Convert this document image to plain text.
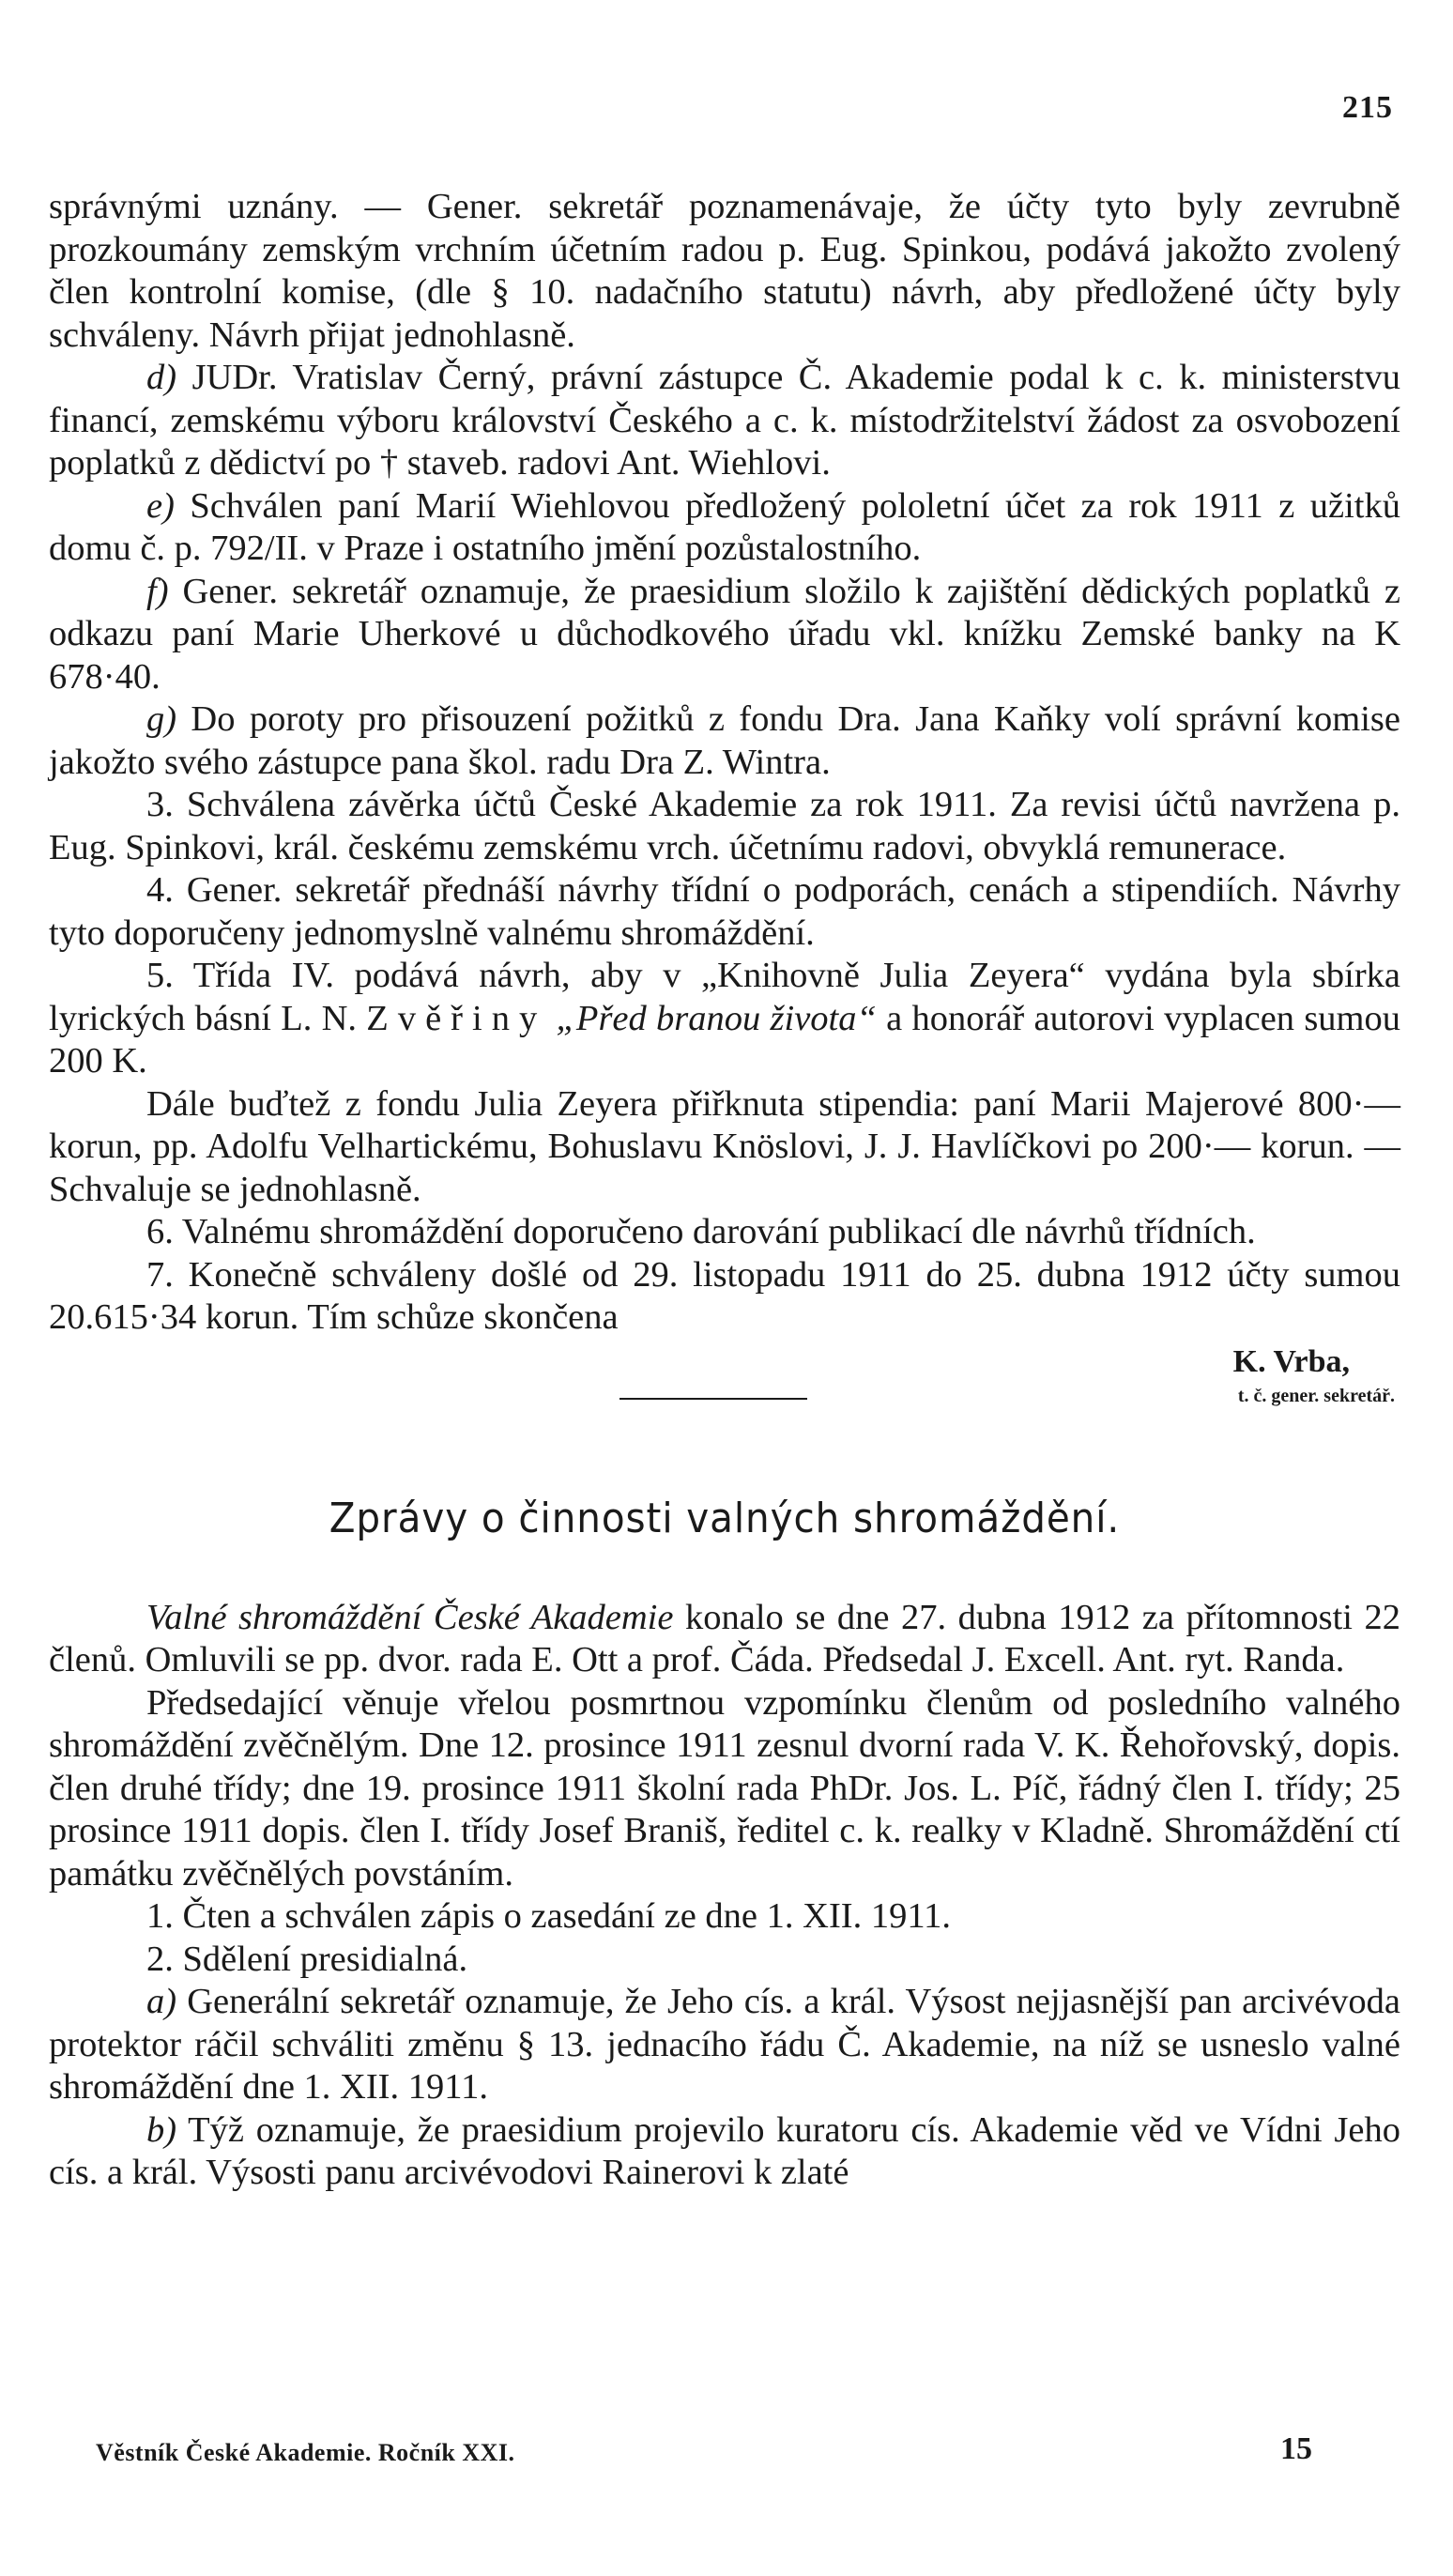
215

správnými uznány. — Gener. sekretář poznamenávaje, že účty tyto byly zevrubně prozkoumány zemským vrchním účetním radou p. Eug. Spinkou, podává jakožto zvolený člen kontrolní komise, (dle § 10. nadačního statutu) návrh, aby předložené účty byly schváleny. Návrh přijat jednohlasně.

d) JUDr. Vratislav Černý, právní zástupce Č. Akademie podal k c. k. ministerstvu financí, zemskému výboru království Českého a c. k. místodržitelství žádost za osvobození poplatků z dědictví po † staveb. radovi Ant. Wiehlovi.

e) Schválen paní Marií Wiehlovou předložený pololetní účet za rok 1911 z užitků domu č. p. 792/II. v Praze i ostatního jmění pozůstalostního.

f) Gener. sekretář oznamuje, že praesidium složilo k zajištění dědických poplatků z odkazu paní Marie Uherkové u důchodkového úřadu vkl. knížku Zemské banky na K 678·40.

g) Do poroty pro přisouzení požitků z fondu Dra. Jana Kaňky volí správní komise jakožto svého zástupce pana škol. radu Dra Z. Wintra.

3. Schválena závěrka účtů České Akademie za rok 1911. Za revisi účtů navržena p. Eug. Spinkovi, král. českému zemskému vrch. účetnímu radovi, obvyklá remunerace.

4. Gener. sekretář přednáší návrhy třídní o podporách, cenách a stipendiích. Návrhy tyto doporučeny jednomyslně valnému shromáždění.

5. Třída IV. podává návrh, aby v „Knihovně Julia Zeyera“ vydána byla sbírka lyrických básní L. N. Zvěřiny „Před branou života“ a honorář autorovi vyplacen sumou 200 K.

Dále buďtež z fondu Julia Zeyera přiřknuta stipendia: paní Marii Majerové 800·— korun, pp. Adolfu Velhartickému, Bohuslavu Knöslovi, J. J. Havlíčkovi po 200·— korun. — Schvaluje se jednohlasně.

6. Valnému shromáždění doporučeno darování publikací dle návrhů třídních.

7. Konečně schváleny došlé od 29. listopadu 1911 do 25. dubna 1912 účty sumou 20.615·34 korun. Tím schůze skončena

K. Vrba,
t. č. gener. sekretář.
Zprávy o činnosti valných shromáždění.

Valné shromáždění České Akademie konalo se dne 27. dubna 1912 za přítomnosti 22 členů. Omluvili se pp. dvor. rada E. Ott a prof. Čáda. Předsedal J. Excell. Ant. ryt. Randa.

Předsedající věnuje vřelou posmrtnou vzpomínku členům od posledního valného shromáždění zvěčnělým. Dne 12. prosince 1911 zesnul dvorní rada V. K. Řehořovský, dopis. člen druhé třídy; dne 19. prosince 1911 školní rada PhDr. Jos. L. Píč, řádný člen I. třídy; 25 prosince 1911 dopis. člen I. třídy Josef Braniš, ředitel c. k. realky v Kladně. Shromáždění ctí památku zvěčnělých povstáním.

1. Čten a schválen zápis o zasedání ze dne 1. XII. 1911.

2. Sdělení presidialná.

a) Generální sekretář oznamuje, že Jeho cís. a král. Výsost nejjasnější pan arcivévoda protektor ráčil schváliti změnu § 13. jednacího řádu Č. Akademie, na níž se usneslo valné shromáždění dne 1. XII. 1911.

b) Týž oznamuje, že praesidium projevilo kuratoru cís. Akademie věd ve Vídni Jeho cís. a král. Výsosti panu arcivévodovi Rainerovi k zlaté

Věstník České Akademie. Ročník XXI.	15
